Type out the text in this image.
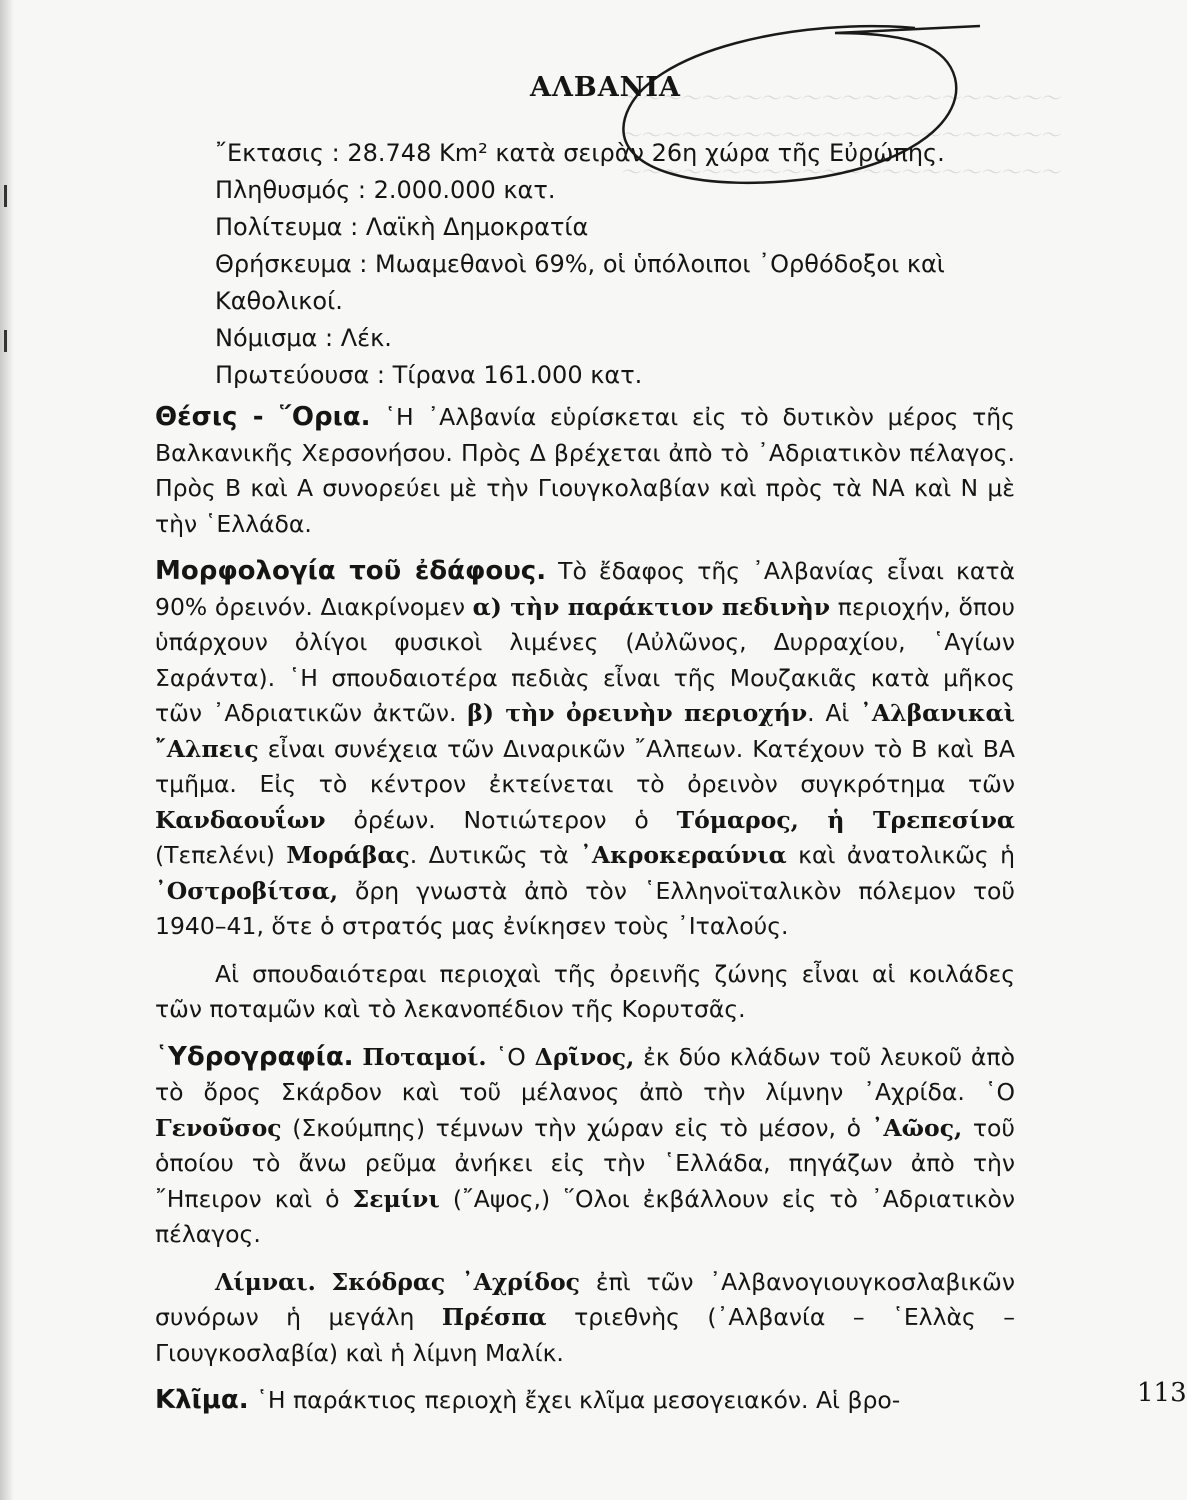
～～～～～～～～～～～～～～～～～～～～～～
～～～～～～～～～～～～～～～～～～～～～～
～～～～～～～～～～～～～～～～～～～～～～
ΑΛΒΑΝΙΑ

῎Εκτασις : 28.748 Km² κατὰ σειρὰν 26η χώρα τῆς Εὐρώπης.

Πληθυσμός : 2.000.000 κατ.

Πολίτευμα : Λαϊκὴ Δημοκρατία

Θρήσκευμα : Μωαμεθανοὶ 69%, οἱ ὑπόλοιποι ᾿Ορθόδοξοι καὶ Καθολικοί.

Νόμισμα : Λέκ.

Πρωτεύουσα : Τίρανα 161.000 κατ.

Θέσις - ῞Ορια. ῾Η ᾿Αλβανία εὑρίσκεται εἰς τὸ δυτικὸν μέρος τῆς Βαλκανικῆς Χερσονήσου. Πρὸς Δ βρέχεται ἀπὸ τὸ ᾿Αδριατικὸν πέλαγος. Πρὸς Β καὶ Α συνορεύει μὲ τὴν Γιουγκολαβίαν καὶ πρὸς τὰ ΝΑ καὶ Ν μὲ τὴν ῾Ελλάδα.

Μορφολογία τοῦ ἐδάφους. Τὸ ἔδαφος τῆς ᾿Αλβανίας εἶναι κατὰ 90% ὀρεινόν. Διακρίνομεν α) τὴν παράκτιον πεδινὴν περιοχήν, ὅπου ὑπάρχουν ὀλίγοι φυσικοὶ λιμένες (Αὐλῶνος, Δυρραχίου, ῾Αγίων Σαράντα). ῾Η σπουδαιοτέρα πεδιὰς εἶναι τῆς Μουζακιᾶς κατὰ μῆκος τῶν ᾿Αδριατικῶν ἀκτῶν. β) τὴν ὀρεινὴν περιοχήν. Αἱ ᾿Αλβανικαὶ ῎Αλπεις εἶναι συνέχεια τῶν Διναρικῶν ῎Αλπεων. Κατέχουν τὸ Β καὶ ΒΑ τμῆμα. Εἰς τὸ κέντρον ἐκτείνεται τὸ ὀρεινὸν συγκρότημα τῶν Κανδαουΐων ὀρέων. Νοτιώτερον ὁ Τόμαρος, ἡ Τρεπεσίνα (Τεπελένι) Μοράβας. Δυτικῶς τὰ ᾿Ακροκεραύνια καὶ ἀνατολικῶς ἡ ᾿Οστροβίτσα, ὄρη γνωστὰ ἀπὸ τὸν ῾Ελληνοϊταλικὸν πόλεμον τοῦ 1940–41, ὅτε ὁ στρατός μας ἐνίκησεν τοὺς ᾿Ιταλούς.

Αἱ σπουδαιότεραι περιοχαὶ τῆς ὀρεινῆς ζώνης εἶναι αἱ κοιλάδες τῶν ποταμῶν καὶ τὸ λεκανοπέδιον τῆς Κορυτσᾶς.

῾Υδρογραφία. Ποταμοί. ῾Ο Δρῖνος, ἐκ δύο κλάδων τοῦ λευκοῦ ἀπὸ τὸ ὄρος Σκάρδον καὶ τοῦ μέλανος ἀπὸ τὴν λίμνην ᾿Αχρίδα. ῾Ο Γενοῦσος (Σκούμπης) τέμνων τὴν χώραν εἰς τὸ μέσον, ὁ ᾿Αῶος, τοῦ ὁποίου τὸ ἄνω ρεῦμα ἀνήκει εἰς τὴν ῾Ελλάδα, πηγάζων ἀπὸ τὴν ῎Ηπειρον καὶ ὁ Σεμίνι (῎Αψος,) ῞Ολοι ἐκβάλλουν εἰς τὸ ᾿Αδριατικὸν πέλαγος.

Λίμναι. Σκόδρας ᾿Αχρίδος ἐπὶ τῶν ᾿Αλβανογιουγκοσλαβικῶν συνόρων ἡ μεγάλη Πρέσπα τριεθνὴς (᾿Αλβανία – ῾Ελλὰς – Γιουγκοσλαβία) καὶ ἡ λίμνη Μαλίκ.

Κλῖμα. ῾Η παράκτιος περιοχὴ ἔχει κλῖμα μεσογειακόν. Αἱ βρο-	113
